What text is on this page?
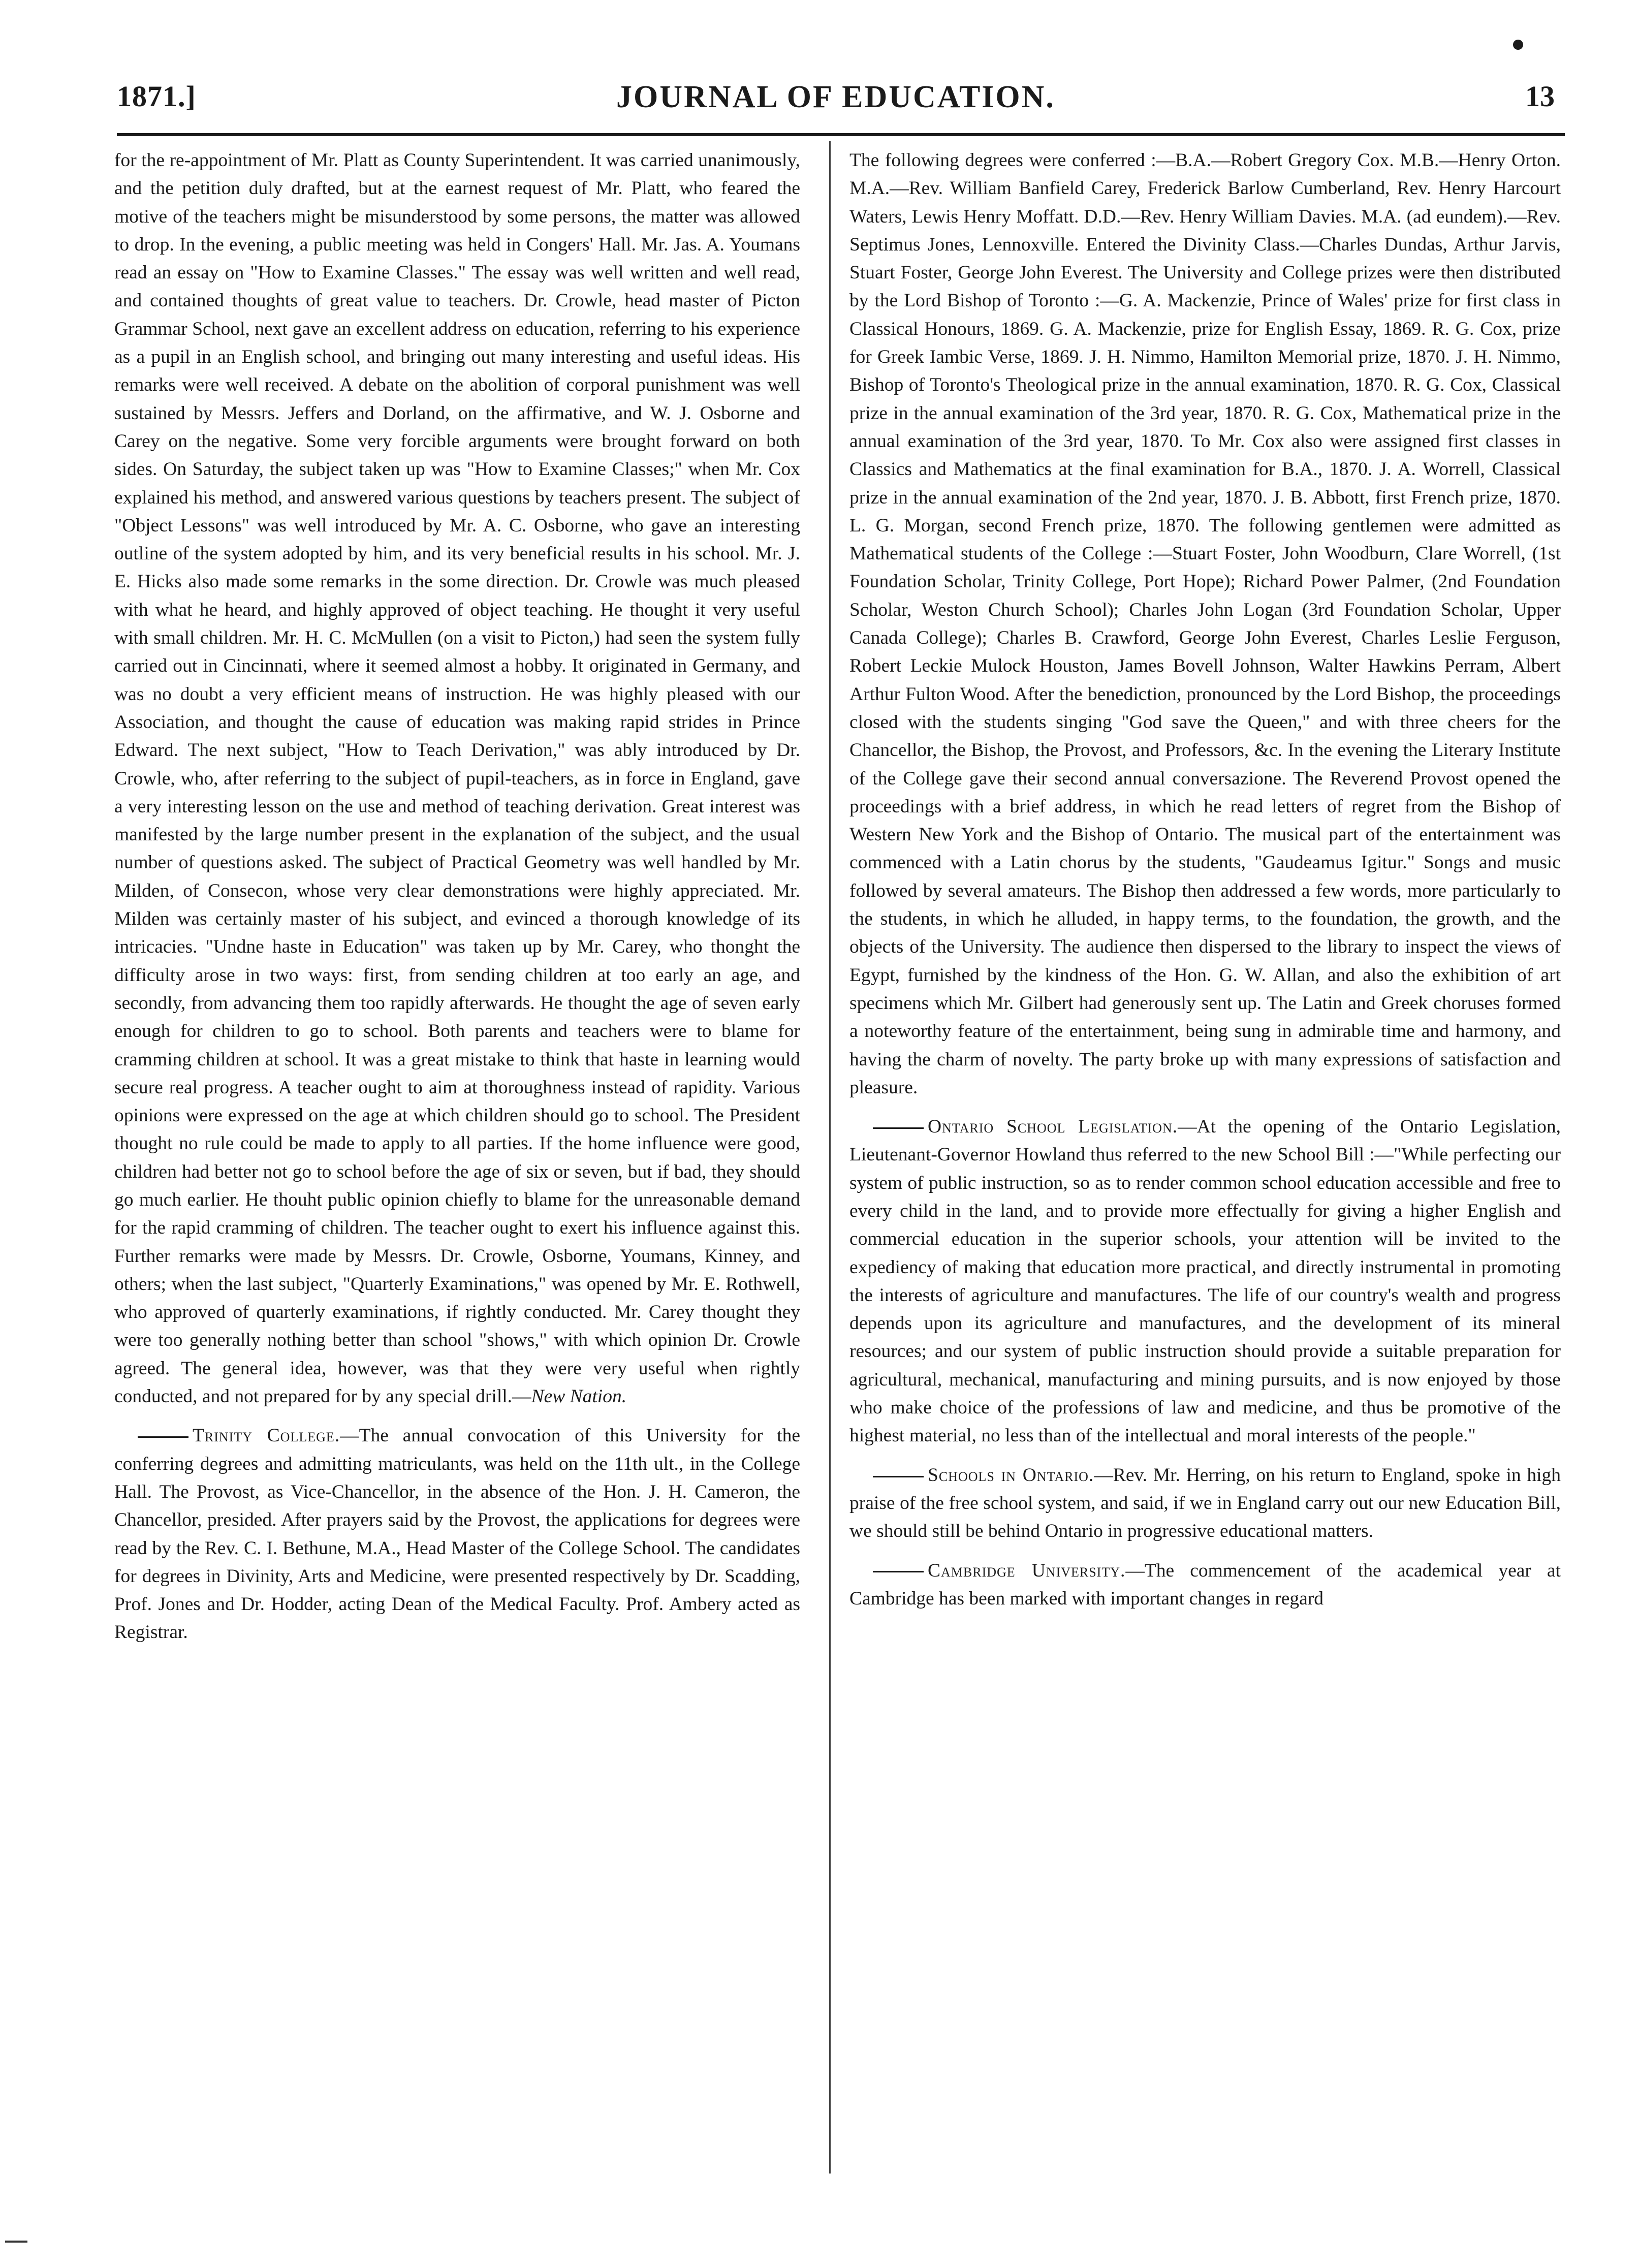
1871.]	JOURNAL OF EDUCATION.	13

for the re-appointment of Mr. Platt as County Superintendent. It was carried unanimously, and the petition duly drafted, but at the earnest request of Mr. Platt, who feared the motive of the teachers might be misunderstood by some persons, the matter was allowed to drop. In the evening, a public meeting was held in Congers' Hall. Mr. Jas. A. Youmans read an essay on "How to Examine Classes." The essay was well written and well read, and contained thoughts of great value to teachers. Dr. Crowle, head master of Picton Grammar School, next gave an excellent address on education, referring to his experience as a pupil in an English school, and bringing out many interesting and useful ideas. His remarks were well received. A debate on the abolition of corporal punishment was well sustained by Messrs. Jeffers and Dorland, on the affirmative, and W. J. Osborne and Carey on the negative. Some very forcible arguments were brought forward on both sides. On Saturday, the subject taken up was "How to Examine Classes;" when Mr. Cox explained his method, and answered various questions by teachers present. The subject of "Object Lessons" was well introduced by Mr. A. C. Osborne, who gave an interesting outline of the system adopted by him, and its very beneficial results in his school. Mr. J. E. Hicks also made some remarks in the some direction. Dr. Crowle was much pleased with what he heard, and highly approved of object teaching. He thought it very useful with small children. Mr. H. C. McMullen (on a visit to Picton,) had seen the system fully carried out in Cincinnati, where it seemed almost a hobby. It originated in Germany, and was no doubt a very efficient means of instruction. He was highly pleased with our Association, and thought the cause of education was making rapid strides in Prince Edward. The next subject, "How to Teach Derivation," was ably introduced by Dr. Crowle, who, after referring to the subject of pupil-teachers, as in force in England, gave a very interesting lesson on the use and method of teaching derivation. Great interest was manifested by the large number present in the explanation of the subject, and the usual number of questions asked. The subject of Practical Geometry was well handled by Mr. Milden, of Consecon, whose very clear demonstrations were highly appreciated. Mr. Milden was certainly master of his subject, and evinced a thorough knowledge of its intricacies. "Undne haste in Education" was taken up by Mr. Carey, who thonght the difficulty arose in two ways: first, from sending children at too early an age, and secondly, from advancing them too rapidly afterwards. He thought the age of seven early enough for children to go to school. Both parents and teachers were to blame for cramming children at school. It was a great mistake to think that haste in learning would secure real progress. A teacher ought to aim at thoroughness instead of rapidity. Various opinions were expressed on the age at which children should go to school. The President thought no rule could be made to apply to all parties. If the home influence were good, children had better not go to school before the age of six or seven, but if bad, they should go much earlier. He thouht public opinion chiefly to blame for the unreasonable demand for the rapid cramming of children. The teacher ought to exert his influence against this. Further remarks were made by Messrs. Dr. Crowle, Osborne, Youmans, Kinney, and others; when the last subject, "Quarterly Examinations," was opened by Mr. E. Rothwell, who approved of quarterly examinations, if rightly conducted. Mr. Carey thought they were too generally nothing better than school "shows," with which opinion Dr. Crowle agreed. The general idea, however, was that they were very useful when rightly conducted, and not prepared for by any special drill.—New Nation.

Trinity College.—The annual convocation of this University for the conferring degrees and admitting matriculants, was held on the 11th ult., in the College Hall. The Provost, as Vice-Chancellor, in the absence of the Hon. J. H. Cameron, the Chancellor, presided. After prayers said by the Provost, the applications for degrees were read by the Rev. C. I. Bethune, M.A., Head Master of the College School. The candidates for degrees in Divinity, Arts and Medicine, were presented respectively by Dr. Scadding, Prof. Jones and Dr. Hodder, acting Dean of the Medical Faculty. Prof. Ambery acted as Registrar.

The following degrees were conferred :—B.A.—Robert Gregory Cox. M.B.—Henry Orton. M.A.—Rev. William Banfield Carey, Frederick Barlow Cumberland, Rev. Henry Harcourt Waters, Lewis Henry Moffatt. D.D.—Rev. Henry William Davies. M.A. (ad eundem).—Rev. Septimus Jones, Lennoxville. Entered the Divinity Class.—Charles Dundas, Arthur Jarvis, Stuart Foster, George John Everest. The University and College prizes were then distributed by the Lord Bishop of Toronto :—G. A. Mackenzie, Prince of Wales' prize for first class in Classical Honours, 1869. G. A. Mackenzie, prize for English Essay, 1869. R. G. Cox, prize for Greek Iambic Verse, 1869. J. H. Nimmo, Hamilton Memorial prize, 1870. J. H. Nimmo, Bishop of Toronto's Theological prize in the annual examination, 1870. R. G. Cox, Classical prize in the annual examination of the 3rd year, 1870. R. G. Cox, Mathematical prize in the annual examination of the 3rd year, 1870. To Mr. Cox also were assigned first classes in Classics and Mathematics at the final examination for B.A., 1870. J. A. Worrell, Classical prize in the annual examination of the 2nd year, 1870. J. B. Abbott, first French prize, 1870. L. G. Morgan, second French prize, 1870. The following gentlemen were admitted as Mathematical students of the College :—Stuart Foster, John Woodburn, Clare Worrell, (1st Foundation Scholar, Trinity College, Port Hope); Richard Power Palmer, (2nd Foundation Scholar, Weston Church School); Charles John Logan (3rd Foundation Scholar, Upper Canada College); Charles B. Crawford, George John Everest, Charles Leslie Ferguson, Robert Leckie Mulock Houston, James Bovell Johnson, Walter Hawkins Perram, Albert Arthur Fulton Wood. After the benediction, pronounced by the Lord Bishop, the proceedings closed with the students singing "God save the Queen," and with three cheers for the Chancellor, the Bishop, the Provost, and Professors, &c. In the evening the Literary Institute of the College gave their second annual conversazione. The Reverend Provost opened the proceedings with a brief address, in which he read letters of regret from the Bishop of Western New York and the Bishop of Ontario. The musical part of the entertainment was commenced with a Latin chorus by the students, "Gaudeamus Igitur." Songs and music followed by several amateurs. The Bishop then addressed a few words, more particularly to the students, in which he alluded, in happy terms, to the foundation, the growth, and the objects of the University. The audience then dispersed to the library to inspect the views of Egypt, furnished by the kindness of the Hon. G. W. Allan, and also the exhibition of art specimens which Mr. Gilbert had generously sent up. The Latin and Greek choruses formed a noteworthy feature of the entertainment, being sung in admirable time and harmony, and having the charm of novelty. The party broke up with many expressions of satisfaction and pleasure.

Ontario School Legislation.—At the opening of the Ontario Legislation, Lieutenant-Governor Howland thus referred to the new School Bill :—"While perfecting our system of public instruction, so as to render common school education accessible and free to every child in the land, and to provide more effectually for giving a higher English and commercial education in the superior schools, your attention will be invited to the expediency of making that education more practical, and directly instrumental in promoting the interests of agriculture and manufactures. The life of our country's wealth and progress depends upon its agriculture and manufactures, and the development of its mineral resources; and our system of public instruction should provide a suitable preparation for agricultural, mechanical, manufacturing and mining pursuits, and is now enjoyed by those who make choice of the professions of law and medicine, and thus be promotive of the highest material, no less than of the intellectual and moral interests of the people."

Schools in Ontario.—Rev. Mr. Herring, on his return to England, spoke in high praise of the free school system, and said, if we in England carry out our new Education Bill, we should still be behind Ontario in progressive educational matters.

Cambridge University.—The commencement of the academical year at Cambridge has been marked with important changes in regard
